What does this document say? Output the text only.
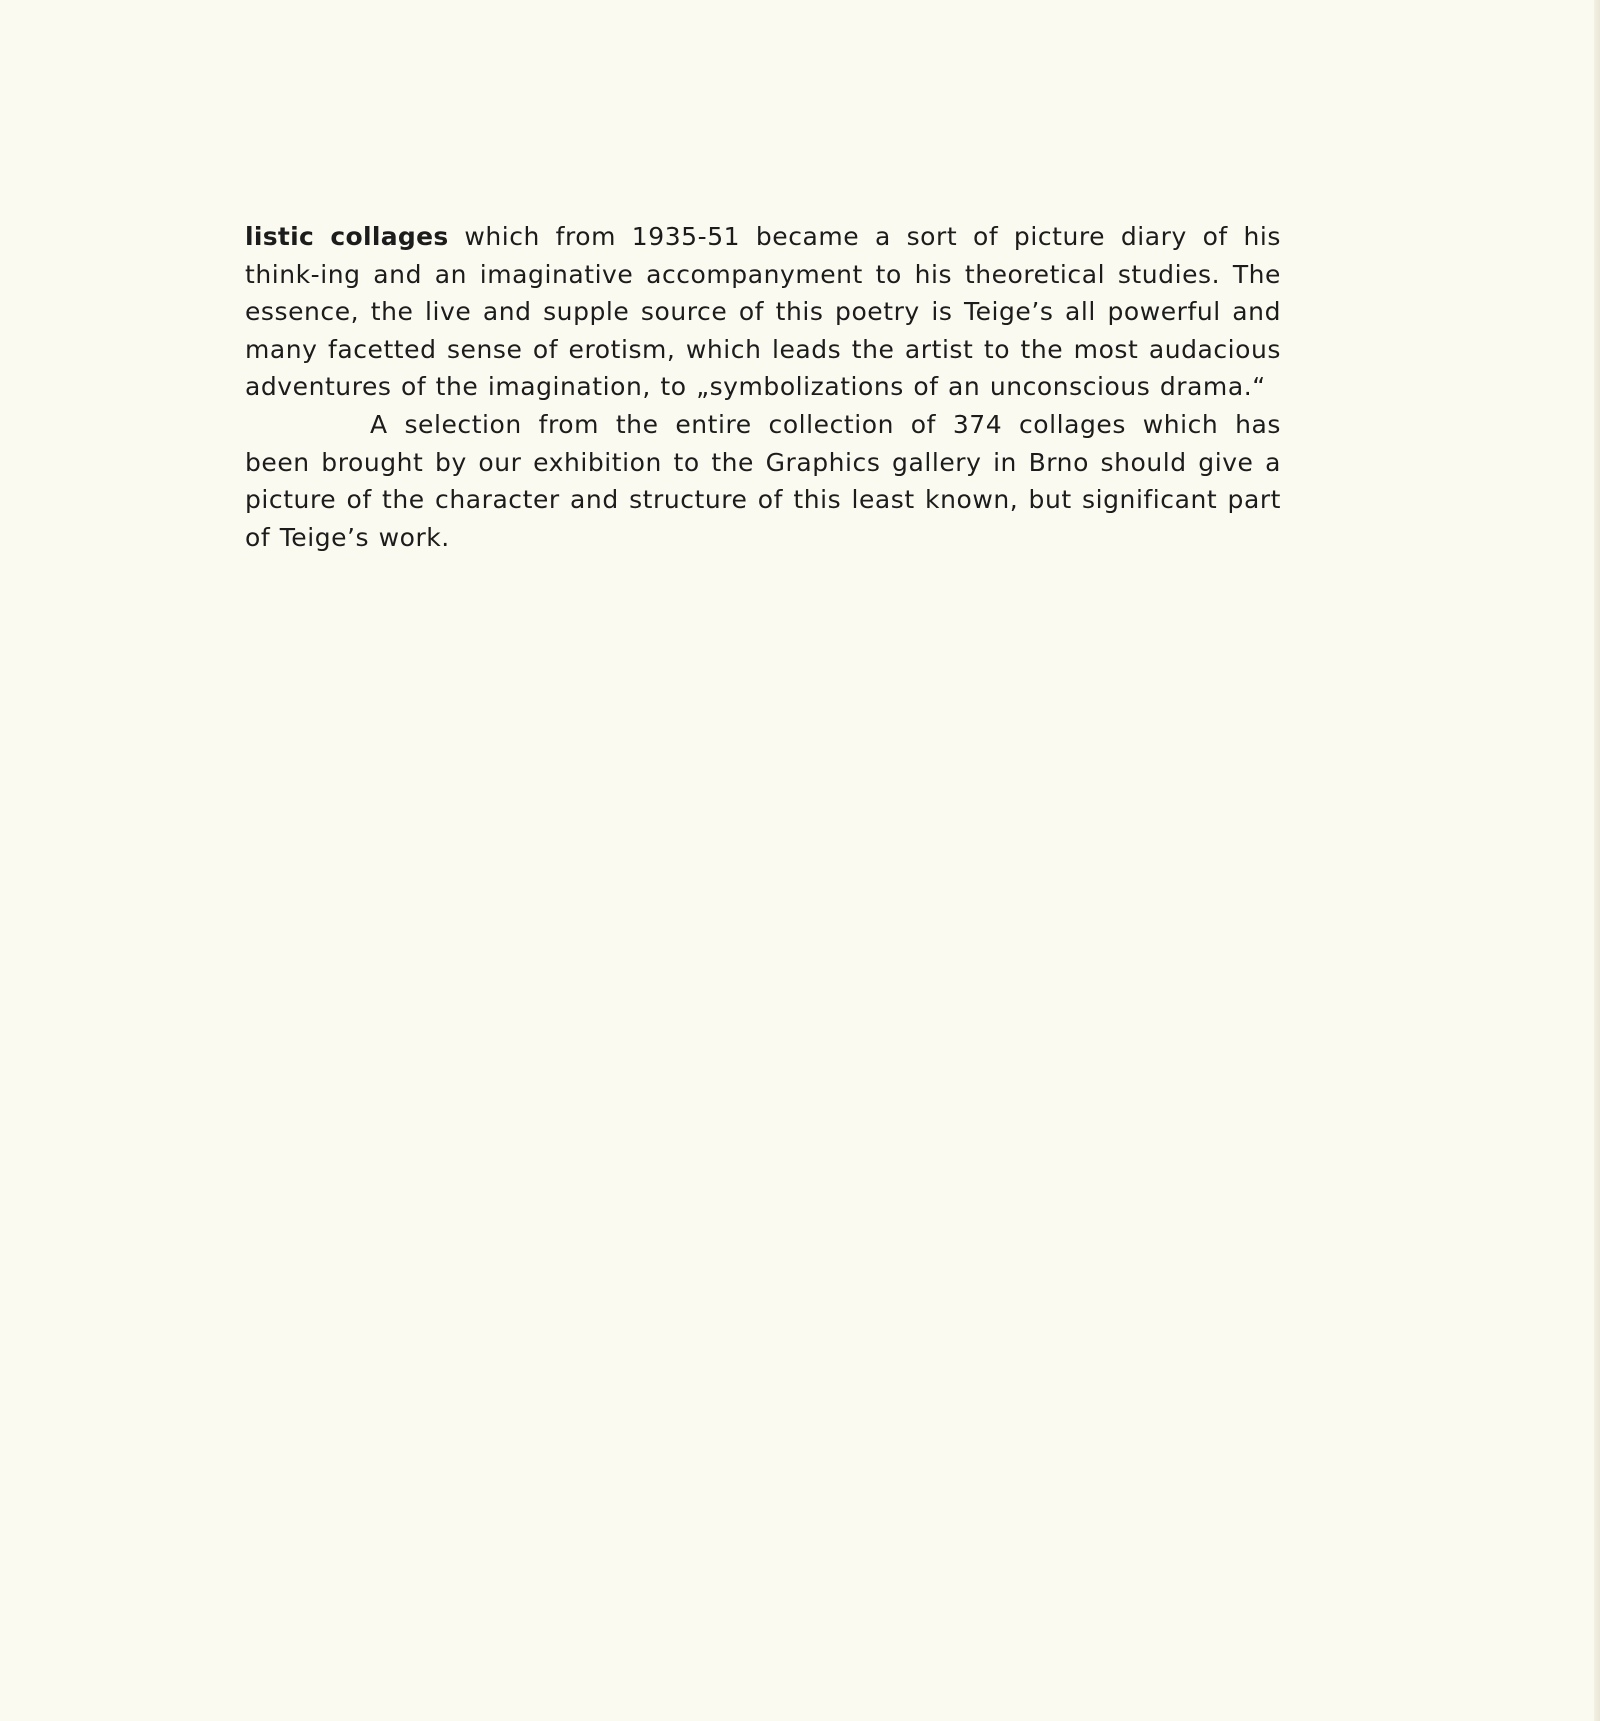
listic collages which from 1935-51 became a sort of picture diary of his think-ing and an imaginative accompanyment to his theoretical studies. The essence, the live and supple source of this poetry is Teige’s all powerful and many facetted sense of erotism, which leads the artist to the most audacious adventures of the imagination, to „symbolizations of an unconscious drama.“

A selection from the entire collection of 374 collages which has been brought by our exhibition to the Graphics gallery in Brno should give a picture of the character and structure of this least known, but significant part of Teige’s work.
